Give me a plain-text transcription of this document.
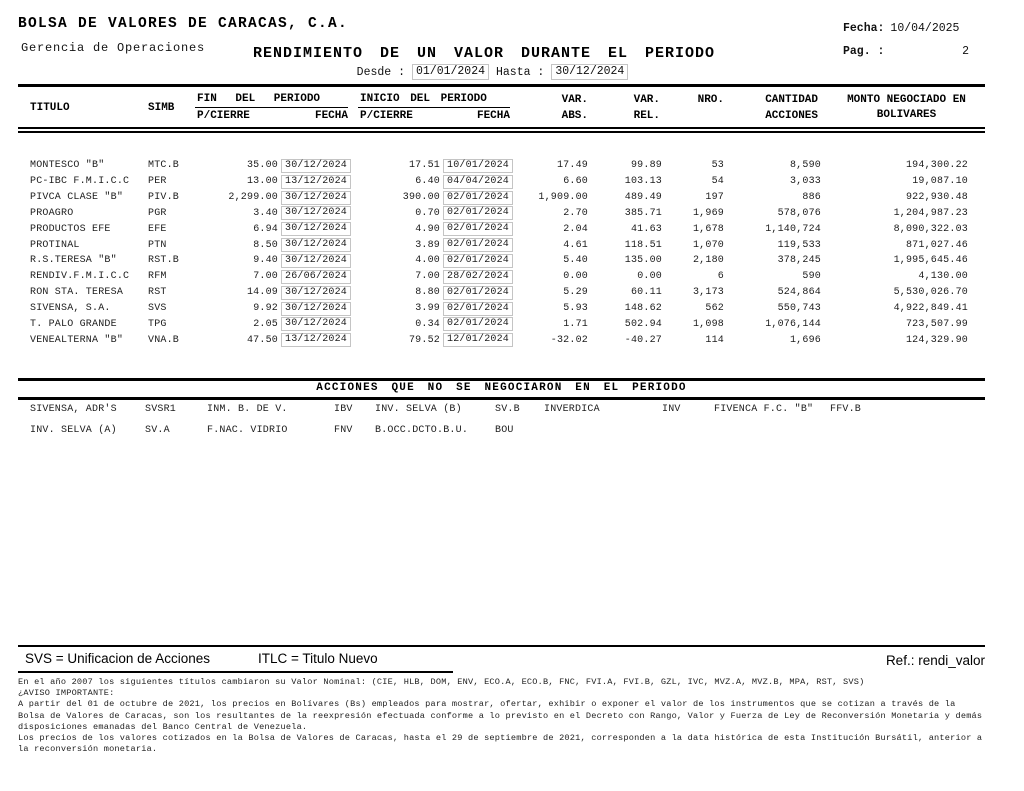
BOLSA DE VALORES DE CARACAS, C.A.
Gerencia de Operaciones
Fecha: 10/04/2025
Pag. :	2
RENDIMIENTO DE UN VALOR DURANTE EL PERIODO
Desde : 01/01/2024 Hasta : 30/12/2024
TITULO	SIMB
FIN DEL PERIODO
P/CIERRE	FECHA
INICIO DEL PERIODO
P/CIERRE	FECHA
VAR.
ABS.
VAR.
REL.
NRO.	CANTIDAD
ACCIONES
MONTO NEGOCIADO EN
BOLIVARES
MONTESCO "B"	MTC.B	35.00 30/12/2024	17.51 10/01/2024	17.49	99.89	53	8,590	194,300.22
PC-IBC F.M.I.C.C	PER	13.00 13/12/2024	6.40 04/04/2024	6.60	103.13	54	3,033	19,087.10
PIVCA CLASE "B"	PIV.B	2,299.00 30/12/2024	390.00 02/01/2024	1,909.00	489.49	197	886	922,930.48
PROAGRO	PGR	3.40 30/12/2024	0.70 02/01/2024	2.70	385.71	1,969	578,076	1,204,987.23
PRODUCTOS EFE	EFE	6.94 30/12/2024	4.90 02/01/2024	2.04	41.63	1,678	1,140,724	8,090,322.03
PROTINAL	PTN	8.50 30/12/2024	3.89 02/01/2024	4.61	118.51	1,070	119,533	871,027.46
R.S.TERESA "B"	RST.B	9.40 30/12/2024	4.00 02/01/2024	5.40	135.00	2,180	378,245	1,995,645.46
RENDIV.F.M.I.C.C	RFM	7.00 26/06/2024	7.00 28/02/2024	0.00	0.00	6	590	4,130.00
RON STA. TERESA	RST	14.09 30/12/2024	8.80 02/01/2024	5.29	60.11	3,173	524,864	5,530,026.70
SIVENSA, S.A.	SVS	9.92 30/12/2024	3.99 02/01/2024	5.93	148.62	562	550,743	4,922,849.41
T. PALO GRANDE	TPG	2.05 30/12/2024	0.34 02/01/2024	1.71	502.94	1,098	1,076,144	723,507.99
VENEALTERNA "B"	VNA.B	47.50 13/12/2024	79.52 12/01/2024	-32.02	-40.27	114	1,696	124,329.90
ACCIONES QUE NO SE NEGOCIARON EN EL PERIODO
SIVENSA, ADR'S	SVSR1	INM. B. DE V.	IBV	INV. SELVA (B)	SV.B	INVERDICA	INV	FIVENCA F.C. "B"	FFV.B
INV. SELVA (A)	SV.A	F.NAC. VIDRIO	FNV	B.OCC.DCTO.B.U.	BOU
SVS = Unificacion de Acciones	ITLC = Titulo Nuevo	Ref.: rendi_valor
En el año 2007 los siguientes títulos cambiaron su Valor Nominal: (CIE, HLB, DOM, ENV, ECO.A, ECO.B, FNC, FVI.A, FVI.B, GZL, IVC, MVZ.A, MVZ.B, MPA, RST, SVS)
¿AVISO IMPORTANTE:
A partir del 01 de octubre de 2021, los precios en Bolívares (Bs) empleados para mostrar, ofertar, exhibir o exponer el valor de los instrumentos que se cotizan a través de la
Bolsa de Valores de Caracas, son los resultantes de la reexpresión efectuada conforme a lo previsto en el Decreto con Rango, Valor y Fuerza de Ley de Reconversión Monetaria y demás
disposiciones emanadas del Banco Central de Venezuela.
Los precios de los valores cotizados en la Bolsa de Valores de Caracas, hasta el 29 de septiembre de 2021, corresponden a la data histórica de esta Institución Bursátil, anterior a
la reconversión monetaria.
